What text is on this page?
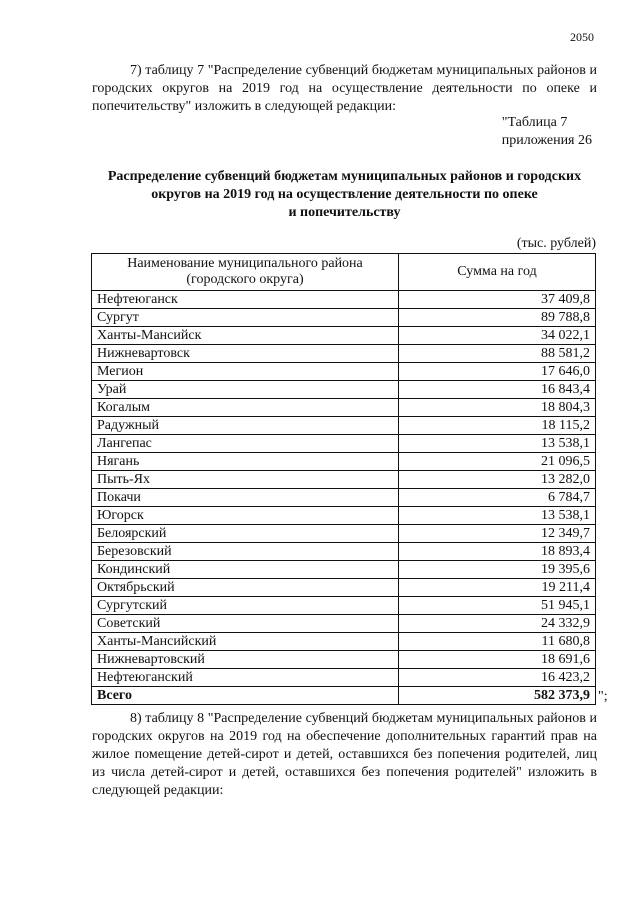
2050
7) таблицу 7 "Распределение субвенций бюджетам муниципальных районов и городских округов на 2019 год на осуществление деятельности по опеке и попечительству" изложить в следующей редакции:
"Таблица 7
приложения 26
Распределение субвенций бюджетам муниципальных районов и городских
округов на 2019 год на осуществление деятельности по опеке
и попечительству
(тыс. рублей)
Наименование муниципального района (городского округа)	Сумма на год
Нефтеюганск	37 409,8
Сургут	89 788,8
Ханты-Мансийск	34 022,1
Нижневартовск	88 581,2
Мегион	17 646,0
Урай	16 843,4
Когалым	18 804,3
Радужный	18 115,2
Лангепас	13 538,1
Нягань	21 096,5
Пыть-Ях	13 282,0
Покачи	6 784,7
Югорск	13 538,1
Белоярский	12 349,7
Березовский	18 893,4
Кондинский	19 395,6
Октябрьский	19 211,4
Сургутский	51 945,1
Советский	24 332,9
Ханты-Мансийский	11 680,8
Нижневартовский	18 691,6
Нефтеюганский	16 423,2
Всего	582 373,9 ";
8) таблицу 8 "Распределение субвенций бюджетам муниципальных районов и городских округов на 2019 год на обеспечение дополнительных гарантий прав на жилое помещение детей-сирот и детей, оставшихся без попечения родителей, лиц из числа детей-сирот и детей, оставшихся без попечения родителей" изложить в следующей редакции:
